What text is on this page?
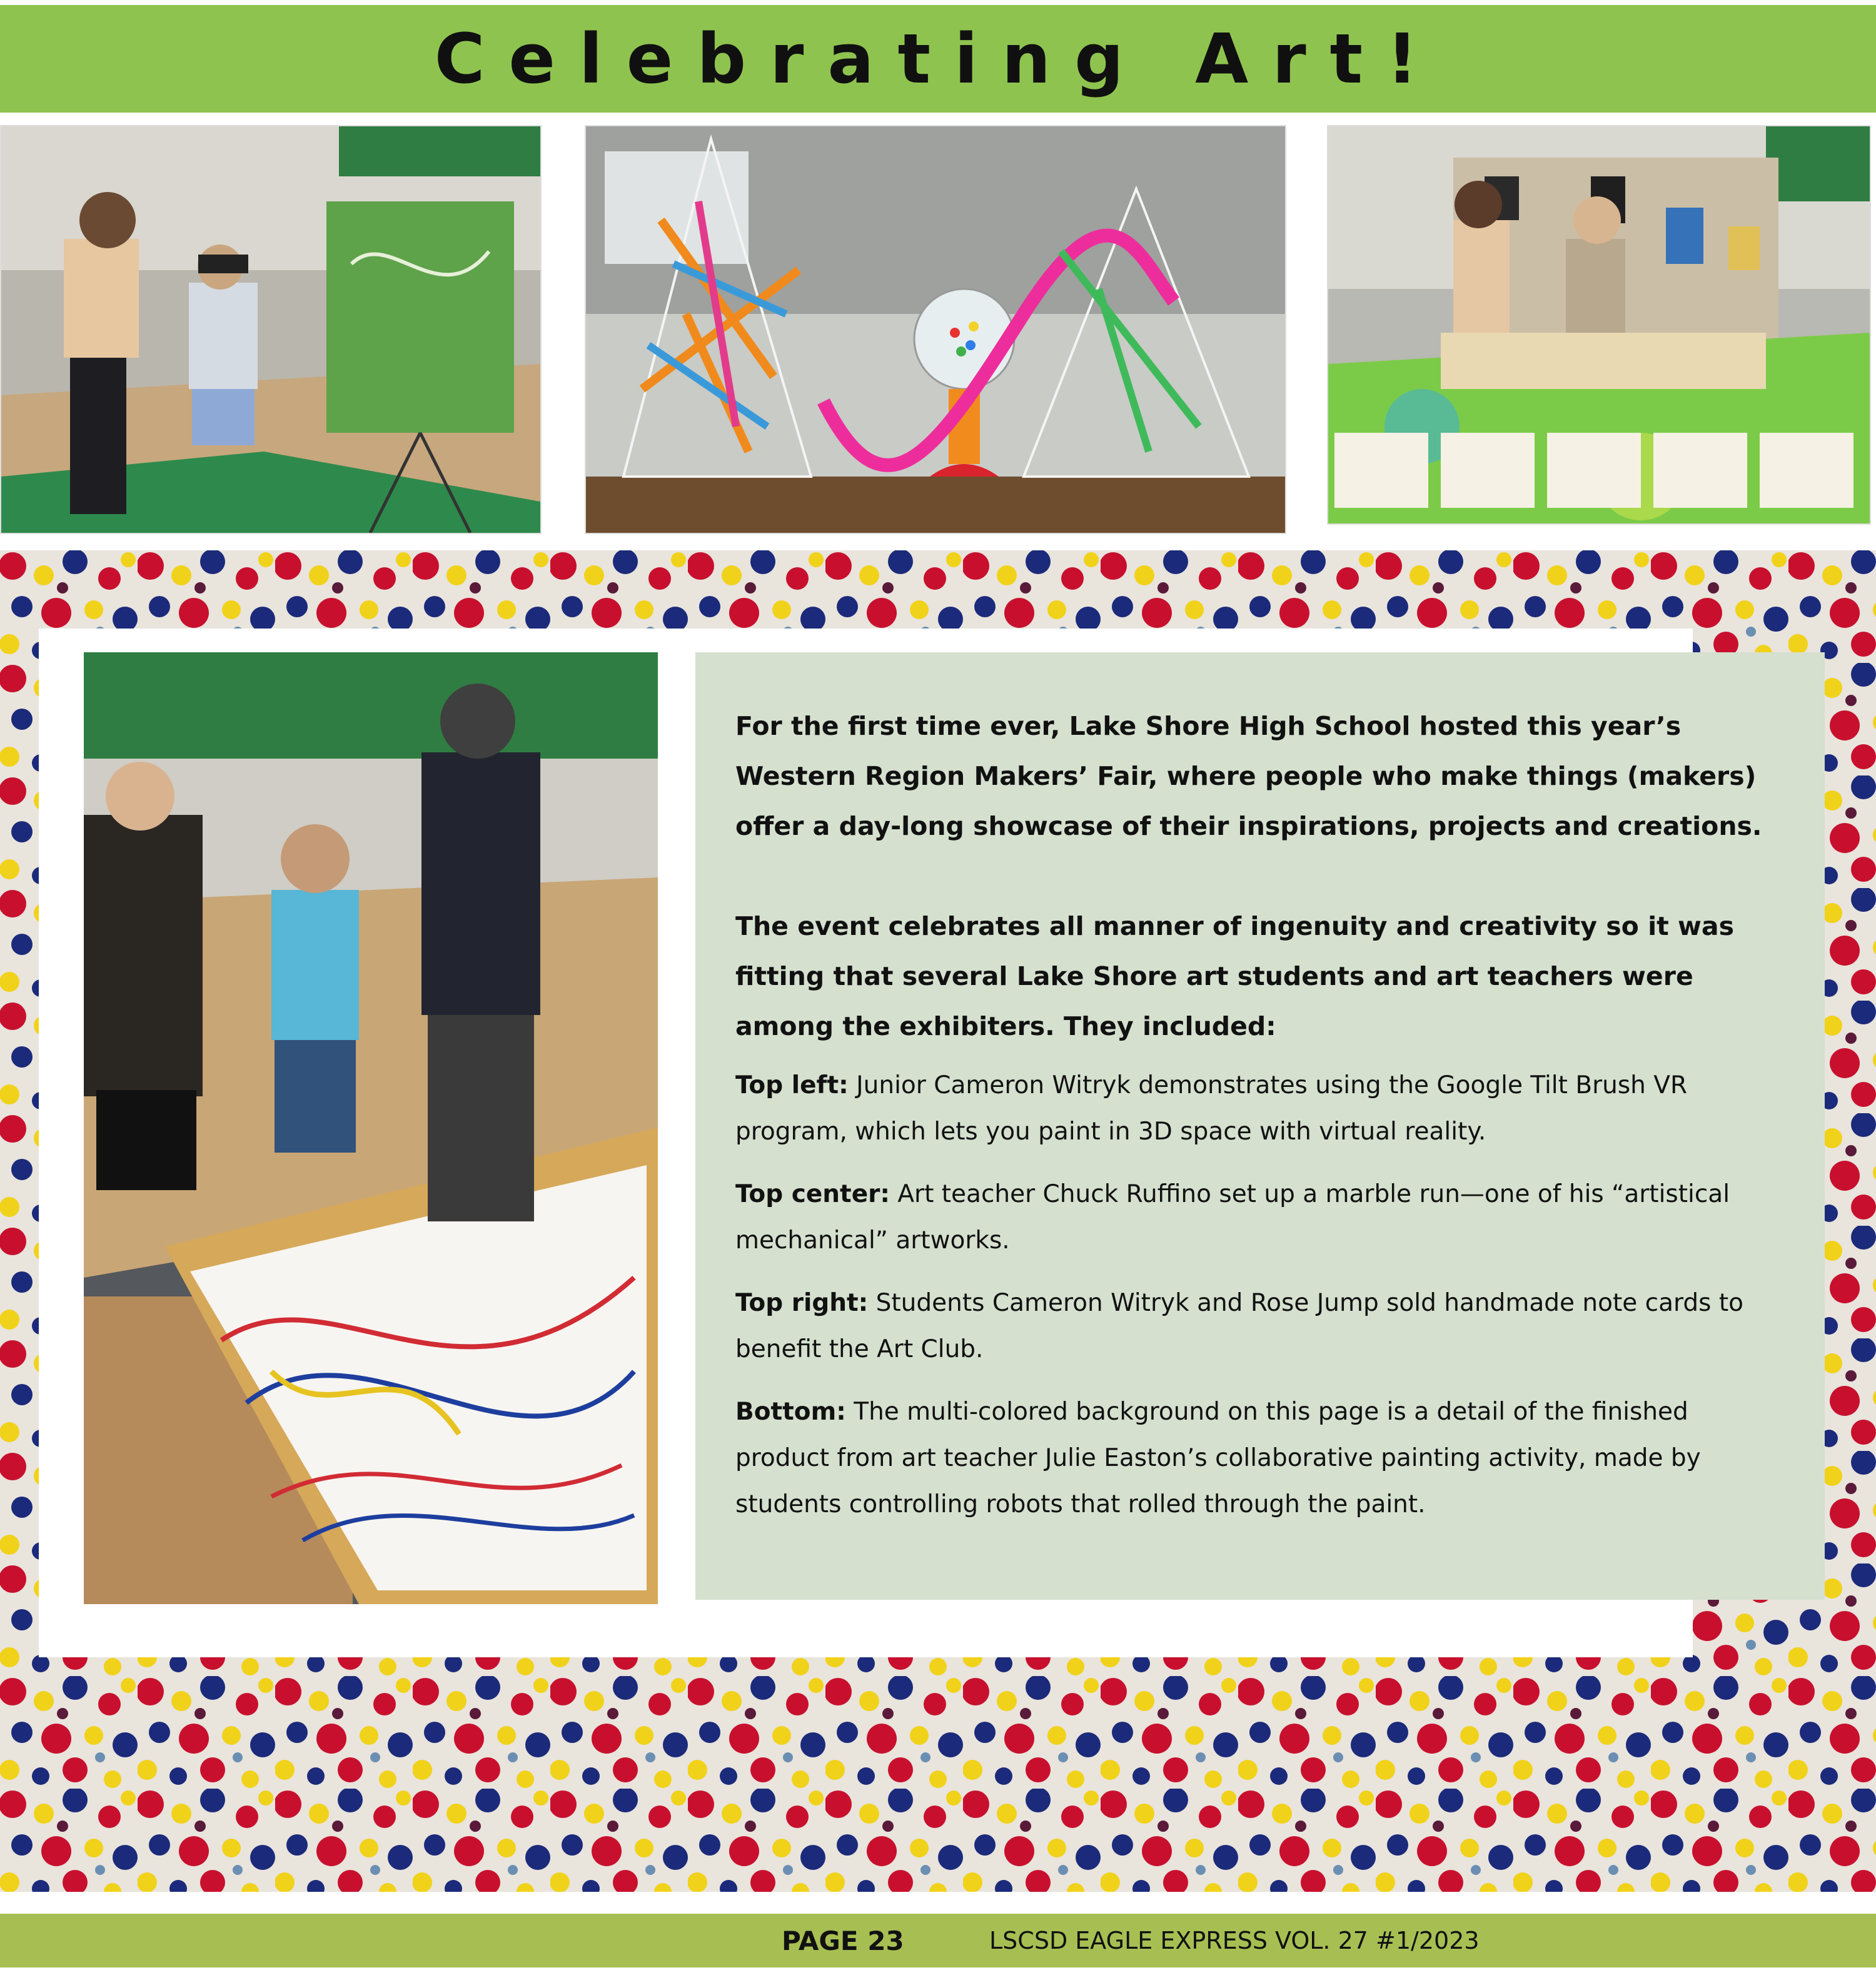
Celebrating Art!

For the first time ever, Lake Shore High School hosted this year’s Western Region Makers’ Fair, where people who make things (makers) offer a day-long showcase of their inspirations, projects and creations.

The event celebrates all manner of ingenuity and creativity so it was fitting that several Lake Shore art students and art teachers were among the exhibiters. They included:

Top left: Junior Cameron Witryk demonstrates using the Google Tilt Brush VR program, which lets you paint in 3D space with virtual reality.

Top center: Art teacher Chuck Ruffino set up a marble run—one of his “artistical mechanical” artworks.

Top right: Students Cameron Witryk and Rose Jump sold handmade note cards to benefit the Art Club.

Bottom: The multi-colored background on this page is a detail of the finished product from art teacher Julie Easton’s collaborative painting activity, made by students controlling robots that rolled through the paint.

PAGE 23	LSCSD EAGLE EXPRESS VOL. 27 #1/2023
